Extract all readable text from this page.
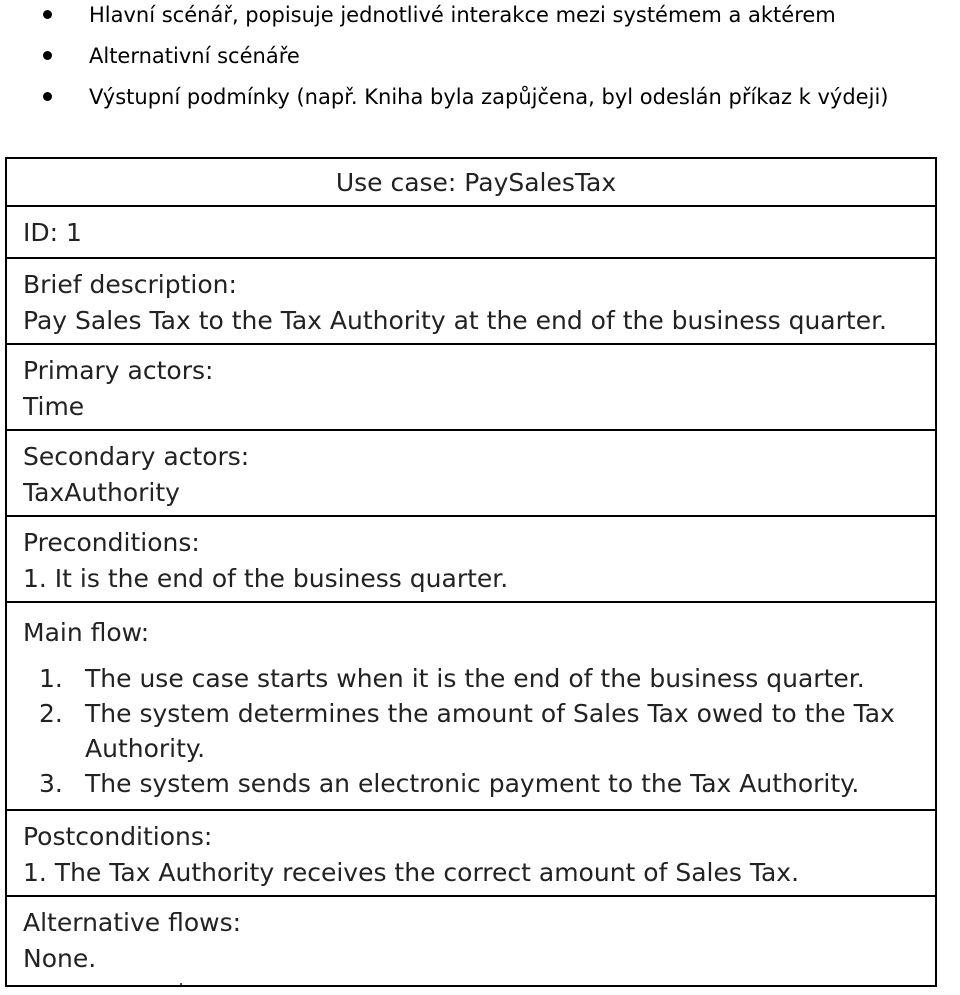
Hlavní scénář, popisuje jednotlivé interakce mezi systémem a aktérem
Alternativní scénáře
Výstupní podmínky (např. Kniha byla zapůjčena, byl odeslán příkaz k výdeji)
Use case: PaySalesTax
ID: 1
Brief description:
Pay Sales Tax to the Tax Authority at the end of the business quarter.
Primary actors:
Time
Secondary actors:
TaxAuthority
Preconditions:
1. It is the end of the business quarter.
Main flow:
1. The use case starts when it is the end of the business quarter.
2. The system determines the amount of Sales Tax owed to the Tax Authority.
3. The system sends an electronic payment to the Tax Authority.
Postconditions:
1. The Tax Authority receives the correct amount of Sales Tax.
Alternative flows:
None.
